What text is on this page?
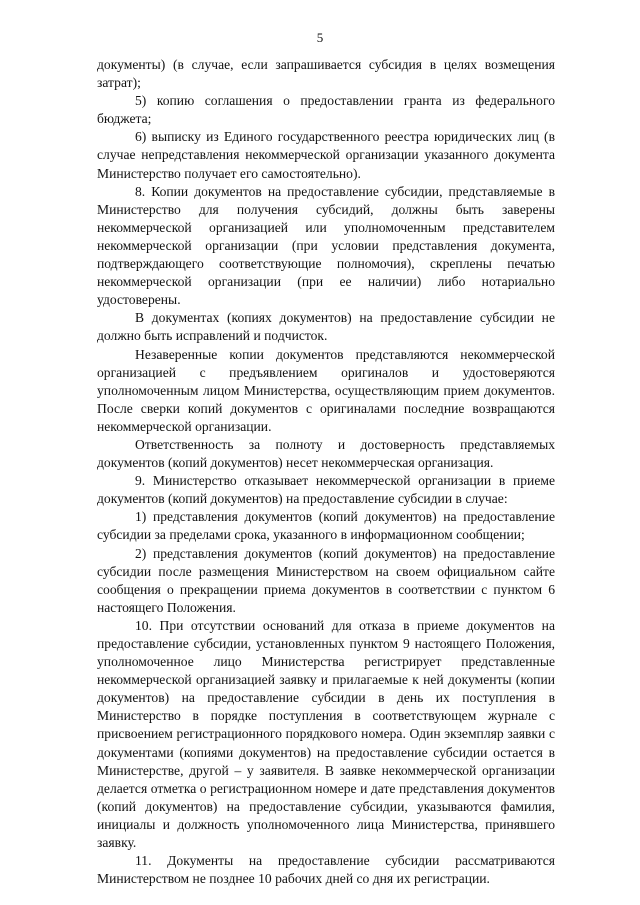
5

документы) (в случае, если запрашивается субсидия в целях возмещения затрат);

5) копию соглашения о предоставлении гранта из федерального бюджета;

6) выписку из Единого государственного реестра юридических лиц (в случае непредставления некоммерческой организации указанного документа Министерство получает его самостоятельно).

8. Копии документов на предоставление субсидии, представляемые в Министерство для получения субсидий, должны быть заверены некоммерческой организацией или уполномоченным представителем некоммерческой организации (при условии представления документа, подтверждающего соответствующие полномочия), скреплены печатью некоммерческой организации (при ее наличии) либо нотариально удостоверены.

В документах (копиях документов) на предоставление субсидии не должно быть исправлений и подчисток.

Незаверенные копии документов представляются некоммерческой организацией с предъявлением оригиналов и удостоверяются уполномоченным лицом Министерства, осуществляющим прием документов. После сверки копий документов с оригиналами последние возвращаются некоммерческой организации.

Ответственность за полноту и достоверность представляемых документов (копий документов) несет некоммерческая организация.

9. Министерство отказывает некоммерческой организации в приеме документов (копий документов) на предоставление субсидии в случае:

1) представления документов (копий документов) на предоставление субсидии за пределами срока, указанного в информационном сообщении;

2) представления документов (копий документов) на предоставление субсидии после размещения Министерством на своем официальном сайте сообщения о прекращении приема документов в соответствии с пунктом 6 настоящего Положения.

10. При отсутствии оснований для отказа в приеме документов на предоставление субсидии, установленных пунктом 9 настоящего Положения, уполномоченное лицо Министерства регистрирует представленные некоммерческой организацией заявку и прилагаемые к ней документы (копии документов) на предоставление субсидии в день их поступления в Министерство в порядке поступления в соответствующем журнале с присвоением регистрационного порядкового номера. Один экземпляр заявки с документами (копиями документов) на предоставление субсидии остается в Министерстве, другой – у заявителя. В заявке некоммерческой организации делается отметка о регистрационном номере и дате представления документов (копий документов) на предоставление субсидии, указываются фамилия, инициалы и должность уполномоченного лица Министерства, принявшего заявку.

11. Документы на предоставление субсидии рассматриваются Министерством не позднее 10 рабочих дней со дня их регистрации.
